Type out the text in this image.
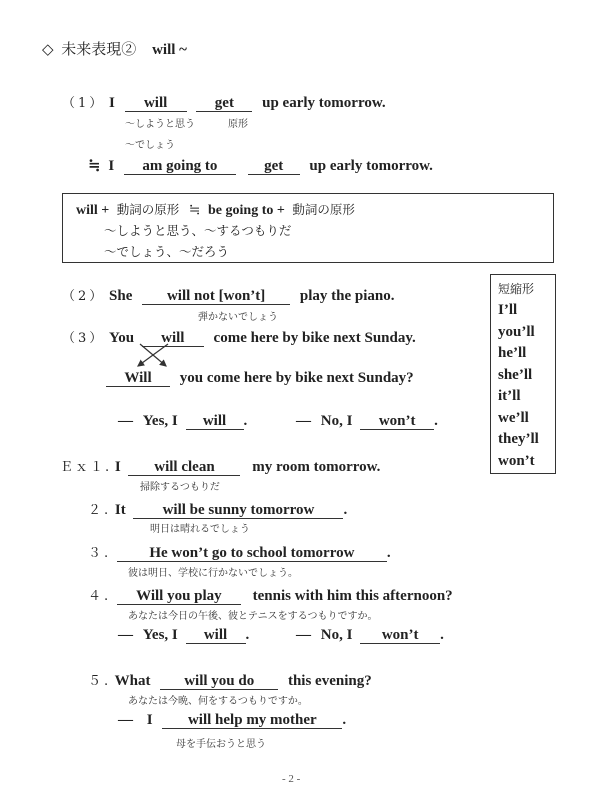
◇ 未来表現② will ~
（1） I will	get up early tomorrow.
～しようと思う	原形
～でしょう
≒ I am going to	get up early tomorrow.
will + 動詞の原形 ≒ be going to + 動詞の原形
～しようと思う、～するつもりだ
～でしょう、～だろう
短縮形
I’ll
you’ll
he’ll
she’ll
it’ll
we’ll
they’ll
won’t
（2） She will not [won’t] play the piano.
弾かないでしょう
（3） You will come here by bike next Sunday.
Will you come here by bike next Sunday?
— Yes, I will .	— No, I won’t .
Ｅｘ１. I will clean	my room tomorrow.
掃除するつもりだ
２. It will be sunny tomorrow .
明日は晴れるでしょう
３.	He won’t go to school tomorrow .
彼は明日、学校に行かないでしょう。
４. Will you play tennis with him this afternoon?
あなたは今日の午後、彼とテニスをするつもりですか。
— Yes, I will .	— No, I won’t .
５. What will you do this evening?
あなたは今晩、何をするつもりですか。
— I will help my mother .
母を手伝おうと思う
- 2 -
